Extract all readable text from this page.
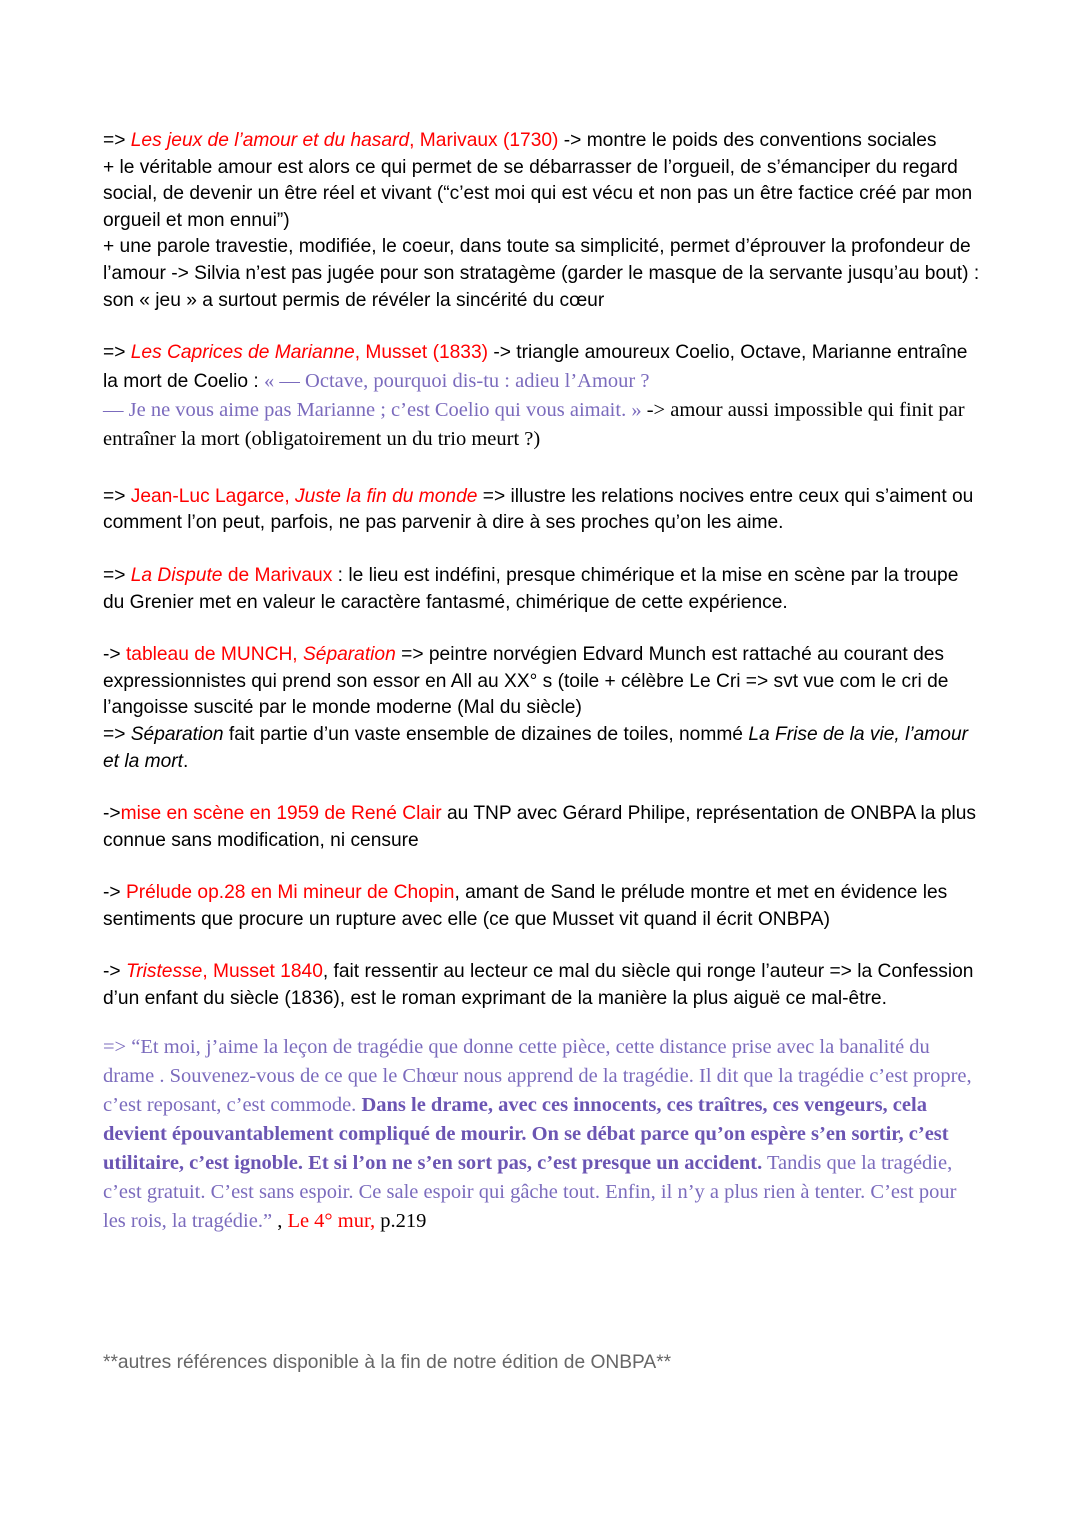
=> Les jeux de l’amour et du hasard, Marivaux (1730) -> montre le poids des conventions sociales
+ le véritable amour est alors ce qui permet de se débarrasser de l’orgueil, de s’émanciper du regard social, de devenir un être réel et vivant (“c’est moi qui est vécu et non pas un être factice créé par mon orgueil et mon ennui”)
+ une parole travestie, modifiée, le coeur, dans toute sa simplicité, permet d’éprouver la profondeur de l’amour -> Silvia n’est pas jugée pour son stratagème (garder le masque de la servante jusqu’au bout) : son « jeu » a surtout permis de révéler la sincérité du cœur

=> Les Caprices de Marianne, Musset (1833) -> triangle amoureux Coelio, Octave, Marianne entraîne la mort de Coelio : « — Octave, pourquoi dis-tu : adieu l’Amour ?
— Je ne vous aime pas Marianne ; c’est Coelio qui vous aimait. » -> amour aussi impossible qui finit par entraîner la mort (obligatoirement un du trio meurt ?)

=> Jean-Luc Lagarce, Juste la fin du monde => illustre les relations nocives entre ceux qui s’aiment ou comment l’on peut, parfois, ne pas parvenir à dire à ses proches qu’on les aime.

=> La Dispute de Marivaux : le lieu est indéfini, presque chimérique et la mise en scène par la troupe du Grenier met en valeur le caractère fantasmé, chimérique de cette expérience.

-> tableau de MUNCH, Séparation => peintre norvégien Edvard Munch est rattaché au courant des expressionnistes qui prend son essor en All au XX° s (toile + célèbre Le Cri => svt vue com le cri de l’angoisse suscité par le monde moderne (Mal du siècle)
=> Séparation fait partie d’un vaste ensemble de dizaines de toiles, nommé La Frise de la vie, l’amour et la mort.

->mise en scène en 1959 de René Clair au TNP avec Gérard Philipe, représentation de ONBPA la plus connue sans modification, ni censure

-> Prélude op.28 en Mi mineur de Chopin, amant de Sand le prélude montre et met en évidence les sentiments que procure un rupture avec elle (ce que Musset vit quand il écrit ONBPA)

-> Tristesse, Musset 1840, fait ressentir au lecteur ce mal du siècle qui ronge l’auteur => la Confession d’un enfant du siècle (1836), est le roman exprimant de la manière la plus aiguë ce mal-être.

=> “Et moi, j’aime la leçon de tragédie que donne cette pièce, cette distance prise avec la banalité du drame . Souvenez-vous de ce que le Chœur nous apprend de la tragédie. Il dit que la tragédie c’est propre, c’est reposant, c’est commode. Dans le drame, avec ces innocents, ces traîtres, ces vengeurs, cela devient épouvantablement compliqué de mourir. On se débat parce qu’on espère s’en sortir, c’est utilitaire, c’est ignoble. Et si l’on ne s’en sort pas, c’est presque un accident. Tandis que la tragédie, c’est gratuit. C’est sans espoir. Ce sale espoir qui gâche tout. Enfin, il n’y a plus rien à tenter. C’est pour les rois, la tragédie.” , Le 4° mur, p.219

**autres références disponible à la fin de notre édition de ONBPA**
